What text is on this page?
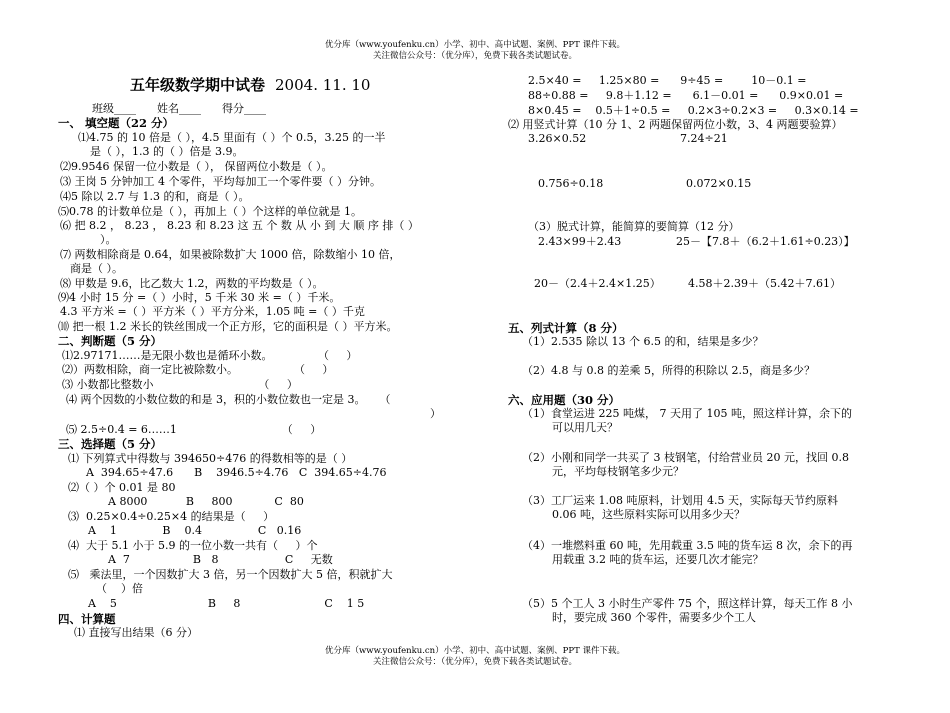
优分库（www.youfenku.cn）小学、初中、高中试题、案例、PPT 课件下载。
关注微信公众号：（优分库），免费下载各类试题试卷。
五年级数学期中试卷 2004. 11. 10
班级____      姓名____      得分____
一、 填空题（22 分）
⑴4.75 的 10 倍是（ ），4.5 里面有（ ）个 0.5，3.25 的一半
是（ ），1.3 的（ ）倍是 3.9。
⑵9.9546 保留一位小数是（ ）， 保留两位小数是（ ）。
⑶ 王岗 5 分钟加工 4 个零件，平均每加工一个零件要（ ）分钟。
⑷5 除以 2.7 与 1.3 的和，商是（ ）。
⑸0.78 的计数单位是（ ），再加上（ ）个这样的单位就是 1。
⑹ 把 8.2 ， 8.23 ， 8.23 和 8.23 这 五 个 数 从 小 到 大 顺 序 排（ ）
）。
⑺ 两数相除商是 0.64，如果被除数扩大 1000 倍，除数缩小 10 倍，
商是（ ）。
⑻ 甲数是 9.6，比乙数大 1.2，两数的平均数是（ ）。
⑼4 小时 15 分 =（ ）小时，5 千米 30 米 =（ ）千米。
4.3 平方米 =（ ）平方米（ ）平方分米，1.05 吨 =（ ）千克
⑽ 把一根 1.2 米长的铁丝围成一个正方形，它的面积是（ ）平方米。
二、判断题（5 分）
⑴2.97171……是无限小数也是循环小数。             （     ）
⑵）两数相除，商一定比被除数小。                （     ）
⑶ 小数都比整数小                              （     ）
⑷ 两个因数的小数位数的和是 3，积的小数位数也一定是 3。    （
）
⑸ 2.5÷0.4 = 6……1                              （     ）
三、选择题（5 分）
⑴ 下列算式中得数与 394650÷476 的得数相等的是（ ）
A  394.65÷47.6      B    3946.5÷4.76   C  394.65÷4.76
⑵（ ）个 0.01 是 80
A 8000           B     800            C  80
⑶  0.25×0.4÷0.25×4 的结果是（     ）
A    1             B    0.4                C   0.16
⑷  大于 5.1 小于 5.9 的一位小数一共有（     ）个
A  7                  B   8                   C     无数
⑸   乘法里，一个因数扩大 3 倍，另一个因数扩大 5 倍，积就扩大
（    ）倍
A    5                          B     8                        C    1 5
四、计算题
⑴ 直接写出结果（6 分）
2.5×40 =     1.25×80 =      9÷45 =        10－0.1 =
88÷0.88 =     9.8＋1.12 =      6.1－0.01 =      0.9×0.01 =
8×0.45 =    0.5＋1÷0.5 =     0.2×3÷0.2×3 =     0.3×0.14 =
⑵ 用竖式计算（10 分 1、2 两题保留两位小数，3、4 两题要验算）
3.26×0.52	7.24÷21
0.756÷0.18	0.072×0.15
（3）脱式计算，能简算的要简算（12 分）
2.43×99＋2.43	25－【7.8＋（6.2＋1.61÷0.23）】
20－（2.4＋2.4×1.25） 4.58＋2.39＋（5.42＋7.61）
五、列式计算（8 分）
（1）2.535 除以 13 个 6.5 的和，结果是多少？
（2）4.8 与 0.8 的差乘 5，所得的积除以 2.5，商是多少？
六、应用题（30 分）
（1）食堂运进 225 吨煤， 7 天用了 105 吨，照这样计算，余下的
可以用几天？
（2）小刚和同学一共买了 3 枝钢笔，付给营业员 20 元，找回 0.8
元，平均每枝钢笔多少元？
（3）工厂运来 1.08 吨原料，计划用 4.5 天，实际每天节约原料
0.06 吨，这些原料实际可以用多少天？
（4）一堆燃料重 60 吨，先用载重 3.5 吨的货车运 8 次，余下的再
用载重 3.2 吨的货车运，还要几次才能完？
（5）5 个工人 3 小时生产零件 75 个，照这样计算，每天工作 8 小
时，要完成 360 个零件，需要多少个工人
优分库（www.youfenku.cn）小学、初中、高中试题、案例、PPT 课件下载。
关注微信公众号：（优分库），免费下载各类试题试卷。
